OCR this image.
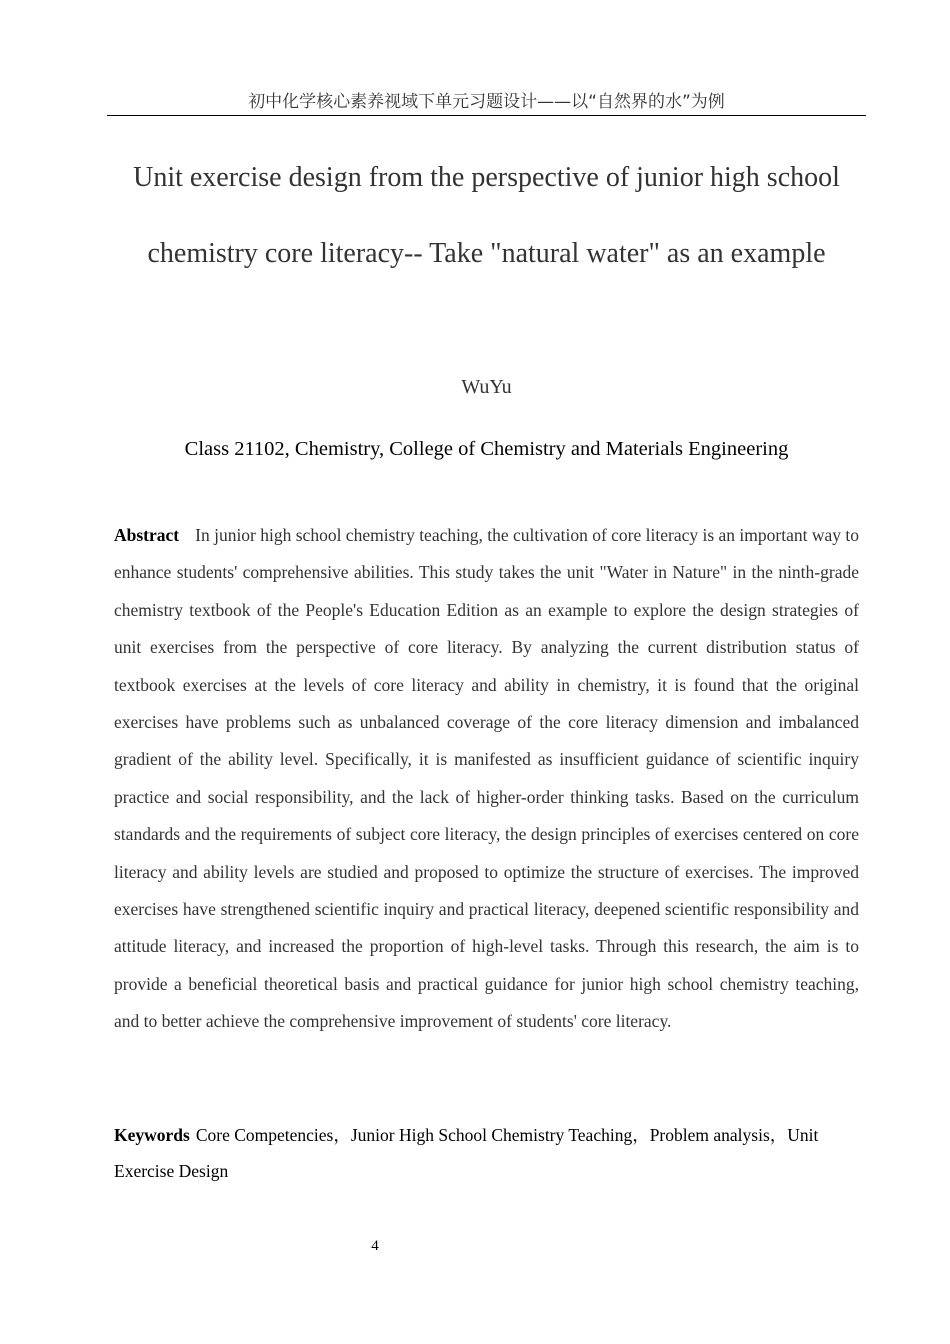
初中化学核心素养视域下单元习题设计——以“自然界的水”为例
Unit exercise design from the perspective of junior high school
chemistry core literacy-- Take "natural water" as an example
WuYu
Class 21102, Chemistry, College of Chemistry and Materials Engineering

Abstract In junior high school chemistry teaching, the cultivation of core literacy is an important way to enhance students' comprehensive abilities. This study takes the unit "Water in Nature" in the ninth-grade chemistry textbook of the People's Education Edition as an example to explore the design strategies of unit exercises from the perspective of core literacy. By analyzing the current distribution status of textbook exercises at the levels of core literacy and ability in chemistry, it is found that the original exercises have problems such as unbalanced coverage of the core literacy dimension and imbalanced gradient of the ability level. Specifically, it is manifested as insufficient guidance of scientific inquiry practice and social responsibility, and the lack of higher-order thinking tasks. Based on the curriculum standards and the requirements of subject core literacy, the design principles of exercises centered on core literacy and ability levels are studied and proposed to optimize the structure of exercises. The improved exercises have strengthened scientific inquiry and practical literacy, deepened scientific responsibility and attitude literacy, and increased the proportion of high-level tasks. Through this research, the aim is to provide a beneficial theoretical basis and practical guidance for junior high school chemistry teaching, and to better achieve the comprehensive improvement of students' core literacy.

Keywords Core Competencies，Junior High School Chemistry Teaching，Problem analysis，Unit Exercise Design

4
